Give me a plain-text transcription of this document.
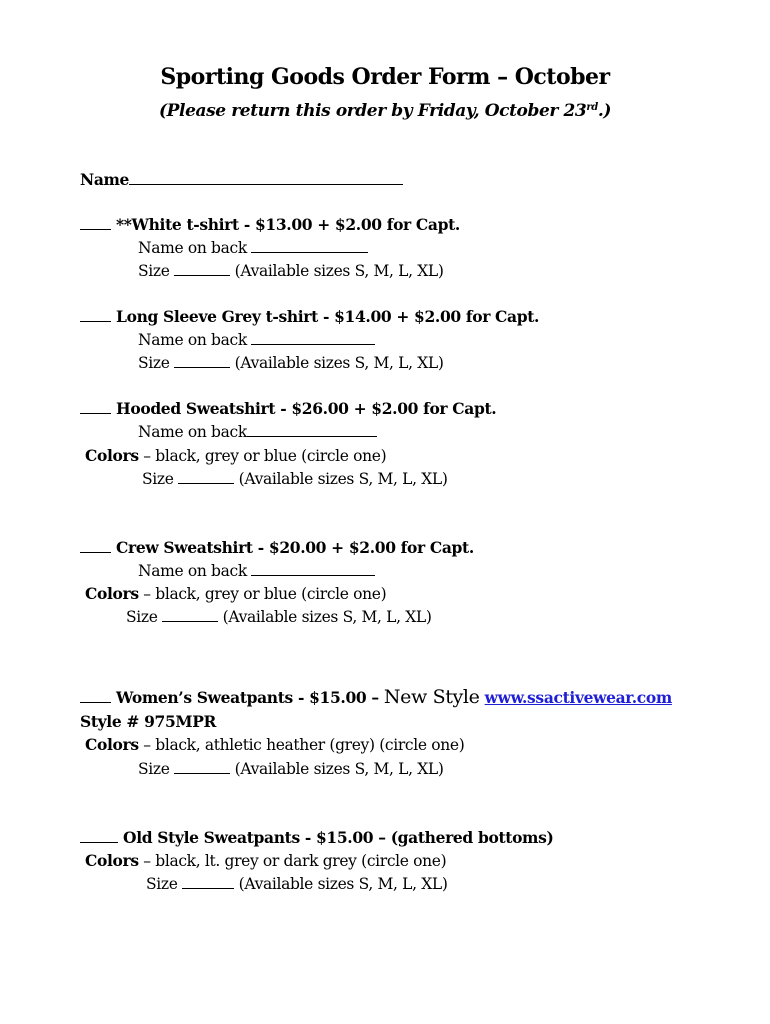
Sporting Goods Order Form – October
(Please return this order by Friday, October 23rd.)
Name
**White t-shirt - $13.00 + $2.00 for Capt.
Name on back
Size	(Available sizes S, M, L, XL)
Long Sleeve Grey t-shirt - $14.00 + $2.00 for Capt.
Name on back
Size	(Available sizes S, M, L, XL)
Hooded Sweatshirt - $26.00 + $2.00 for Capt.
Name on back
Colors – black, grey or blue (circle one)
Size	(Available sizes S, M, L, XL)
Crew Sweatshirt - $20.00 + $2.00 for Capt.
Name on back
Colors – black, grey or blue (circle one)
Size	(Available sizes S, M, L, XL)
Women’s Sweatpants - $15.00 – New Style www.ssactivewear.com
Style # 975MPR
Colors – black, athletic heather (grey) (circle one)
Size	(Available sizes S, M, L, XL)
Old Style Sweatpants - $15.00 – (gathered bottoms)
Colors – black, lt. grey or dark grey (circle one)
Size	(Available sizes S, M, L, XL)
